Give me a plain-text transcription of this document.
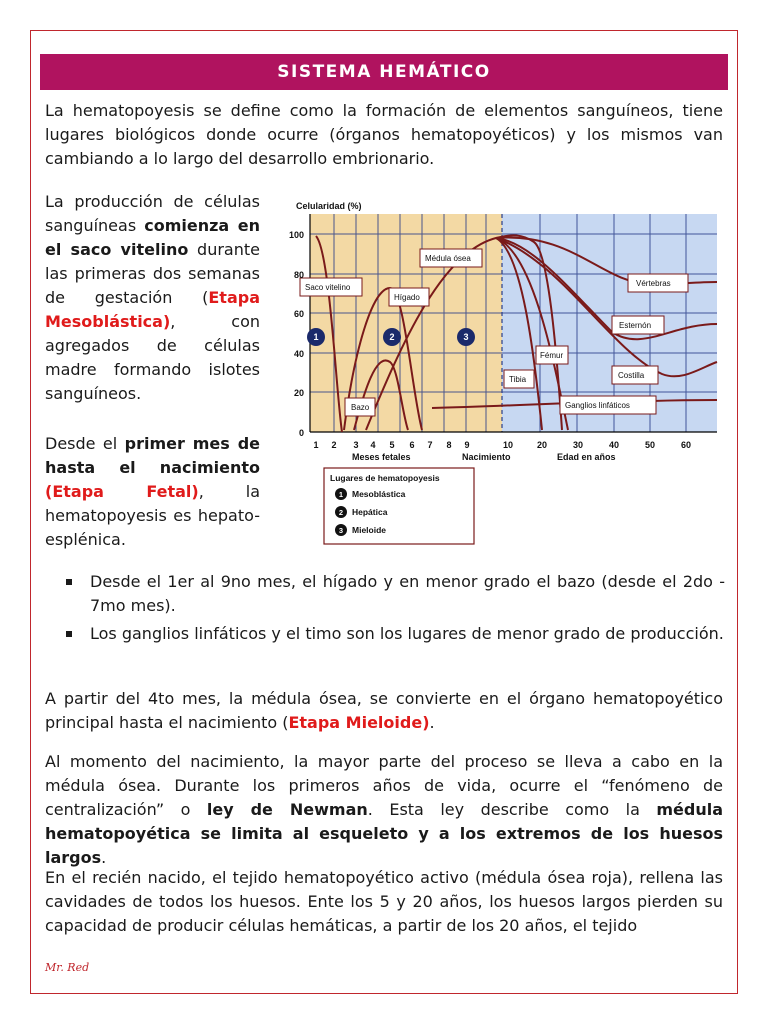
SISTEMA HEMÁTICO
La hematopoyesis se define como la formación de elementos sanguíneos, tiene lugares biológicos donde ocurre (órganos hematopoyéticos) y los mismos van cambiando a lo largo del desarrollo embrionario.
La producción de células sanguíneas comienza en el saco vitelino durante las primeras dos semanas de gestación (Etapa Mesoblástica), con agregados de células madre formando islotes sanguíneos.
Desde el primer mes de hasta el nacimiento (Etapa Fetal), la hematopoyesis es hepato-esplénica.
Saco vitelino
Hígado
Médula ósea
Bazo
Vértebras
Esternón
Fémur
Tibia	Costilla
Ganglios linfáticos
1	2	3
Celularidad (%)
100
80
60
40
20
0
1 2 3 4 5 6 7 8 9	10	20	30	40	50	60
Meses fetales	Nacimiento	Edad en años
Lugares de hematopoyesis
1 Mesoblástica
2 Hepática
3 Mieloide
Desde el 1er al 9no mes, el hígado y en menor grado el bazo (desde el 2do - 7mo mes).
Los ganglios linfáticos y el timo son los lugares de menor grado de producción.
A partir del 4to mes, la médula ósea, se convierte en el órgano hematopoyético principal hasta el nacimiento (Etapa Mieloide).
Al momento del nacimiento, la mayor parte del proceso se lleva a cabo en la médula ósea. Durante los primeros años de vida, ocurre el “fenómeno de centralización” o ley de Newman. Esta ley describe como la médula hematopoyética se limita al esqueleto y a los extremos de los huesos largos.
En el recién nacido, el tejido hematopoyético activo (médula ósea roja), rellena las cavidades de todos los huesos. Ente los 5 y 20 años, los huesos largos pierden su capacidad de producir células hemáticas, a partir de los 20 años, el tejido
Mr. Red
